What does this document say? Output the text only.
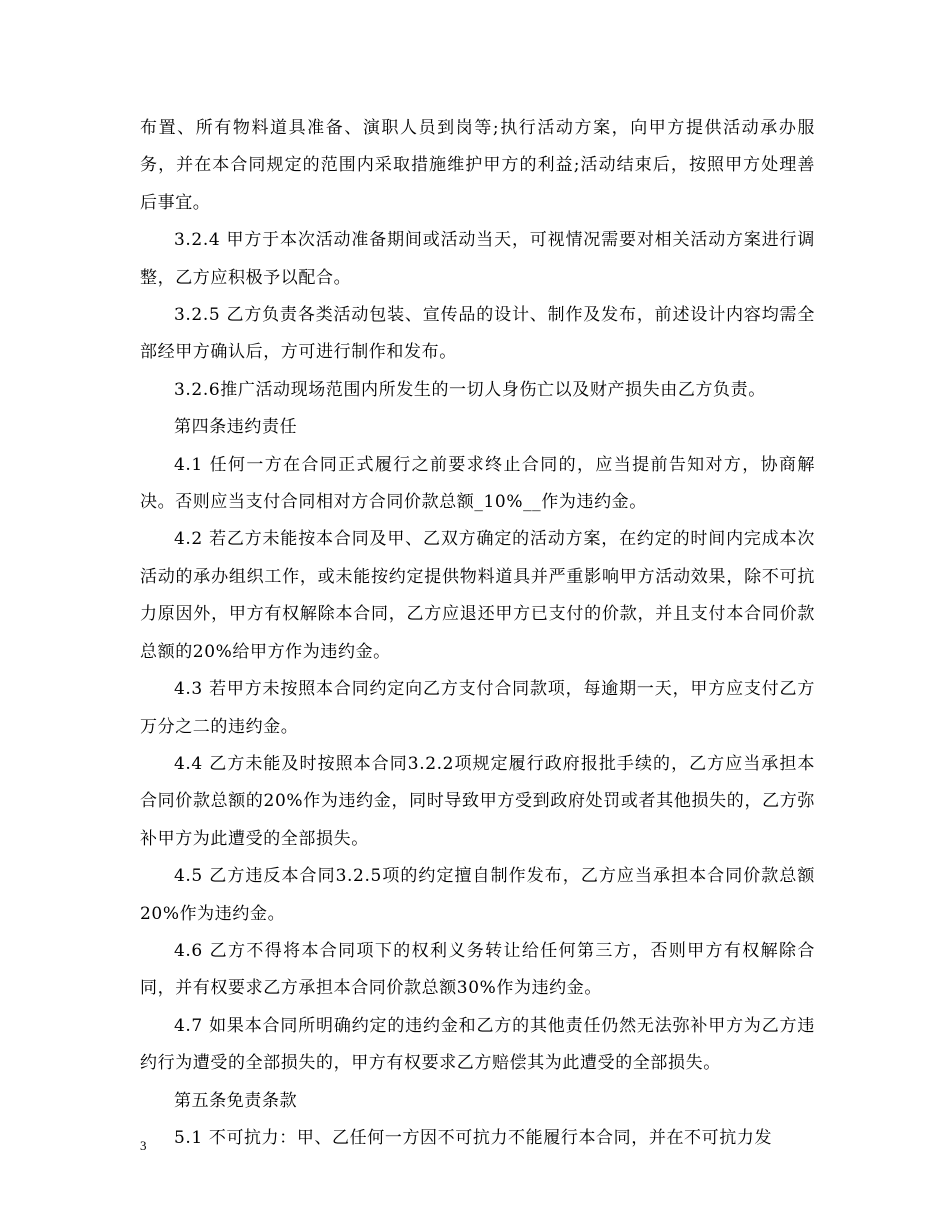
布置、所有物料道具准备、演职人员到岗等;执行活动方案，向甲方提供活动承办服务，并在本合同规定的范围内采取措施维护甲方的利益;活动结束后，按照甲方处理善后事宜。

3.2.4 甲方于本次活动准备期间或活动当天，可视情况需要对相关活动方案进行调整，乙方应积极予以配合。

3.2.5 乙方负责各类活动包装、宣传品的设计、制作及发布，前述设计内容均需全部经甲方确认后，方可进行制作和发布。

3.2.6推广活动现场范围内所发生的一切人身伤亡以及财产损失由乙方负责。

第四条违约责任

4.1 任何一方在合同正式履行之前要求终止合同的，应当提前告知对方，协商解决。否则应当支付合同相对方合同价款总额_10%__作为违约金。

4.2 若乙方未能按本合同及甲、乙双方确定的活动方案，在约定的时间内完成本次活动的承办组织工作，或未能按约定提供物料道具并严重影响甲方活动效果，除不可抗力原因外，甲方有权解除本合同，乙方应退还甲方已支付的价款，并且支付本合同价款总额的20%给甲方作为违约金。

4.3 若甲方未按照本合同约定向乙方支付合同款项，每逾期一天，甲方应支付乙方 万分之二的违约金。

4.4 乙方未能及时按照本合同3.2.2项规定履行政府报批手续的，乙方应当承担本合同价款总额的20%作为违约金，同时导致甲方受到政府处罚或者其他损失的，乙方弥补甲方为此遭受的全部损失。

4.5 乙方违反本合同3.2.5项的约定擅自制作发布，乙方应当承担本合同价款总额20%作为违约金。

4.6 乙方不得将本合同项下的权利义务转让给任何第三方，否则甲方有权解除合同，并有权要求乙方承担本合同价款总额30%作为违约金。

4.7 如果本合同所明确约定的违约金和乙方的其他责任仍然无法弥补甲方为乙方违约行为遭受的全部损失的，甲方有权要求乙方赔偿其为此遭受的全部损失。

第五条免责条款

5.1 不可抗力：甲、乙任何一方因不可抗力不能履行本合同，并在不可抗力发

3
